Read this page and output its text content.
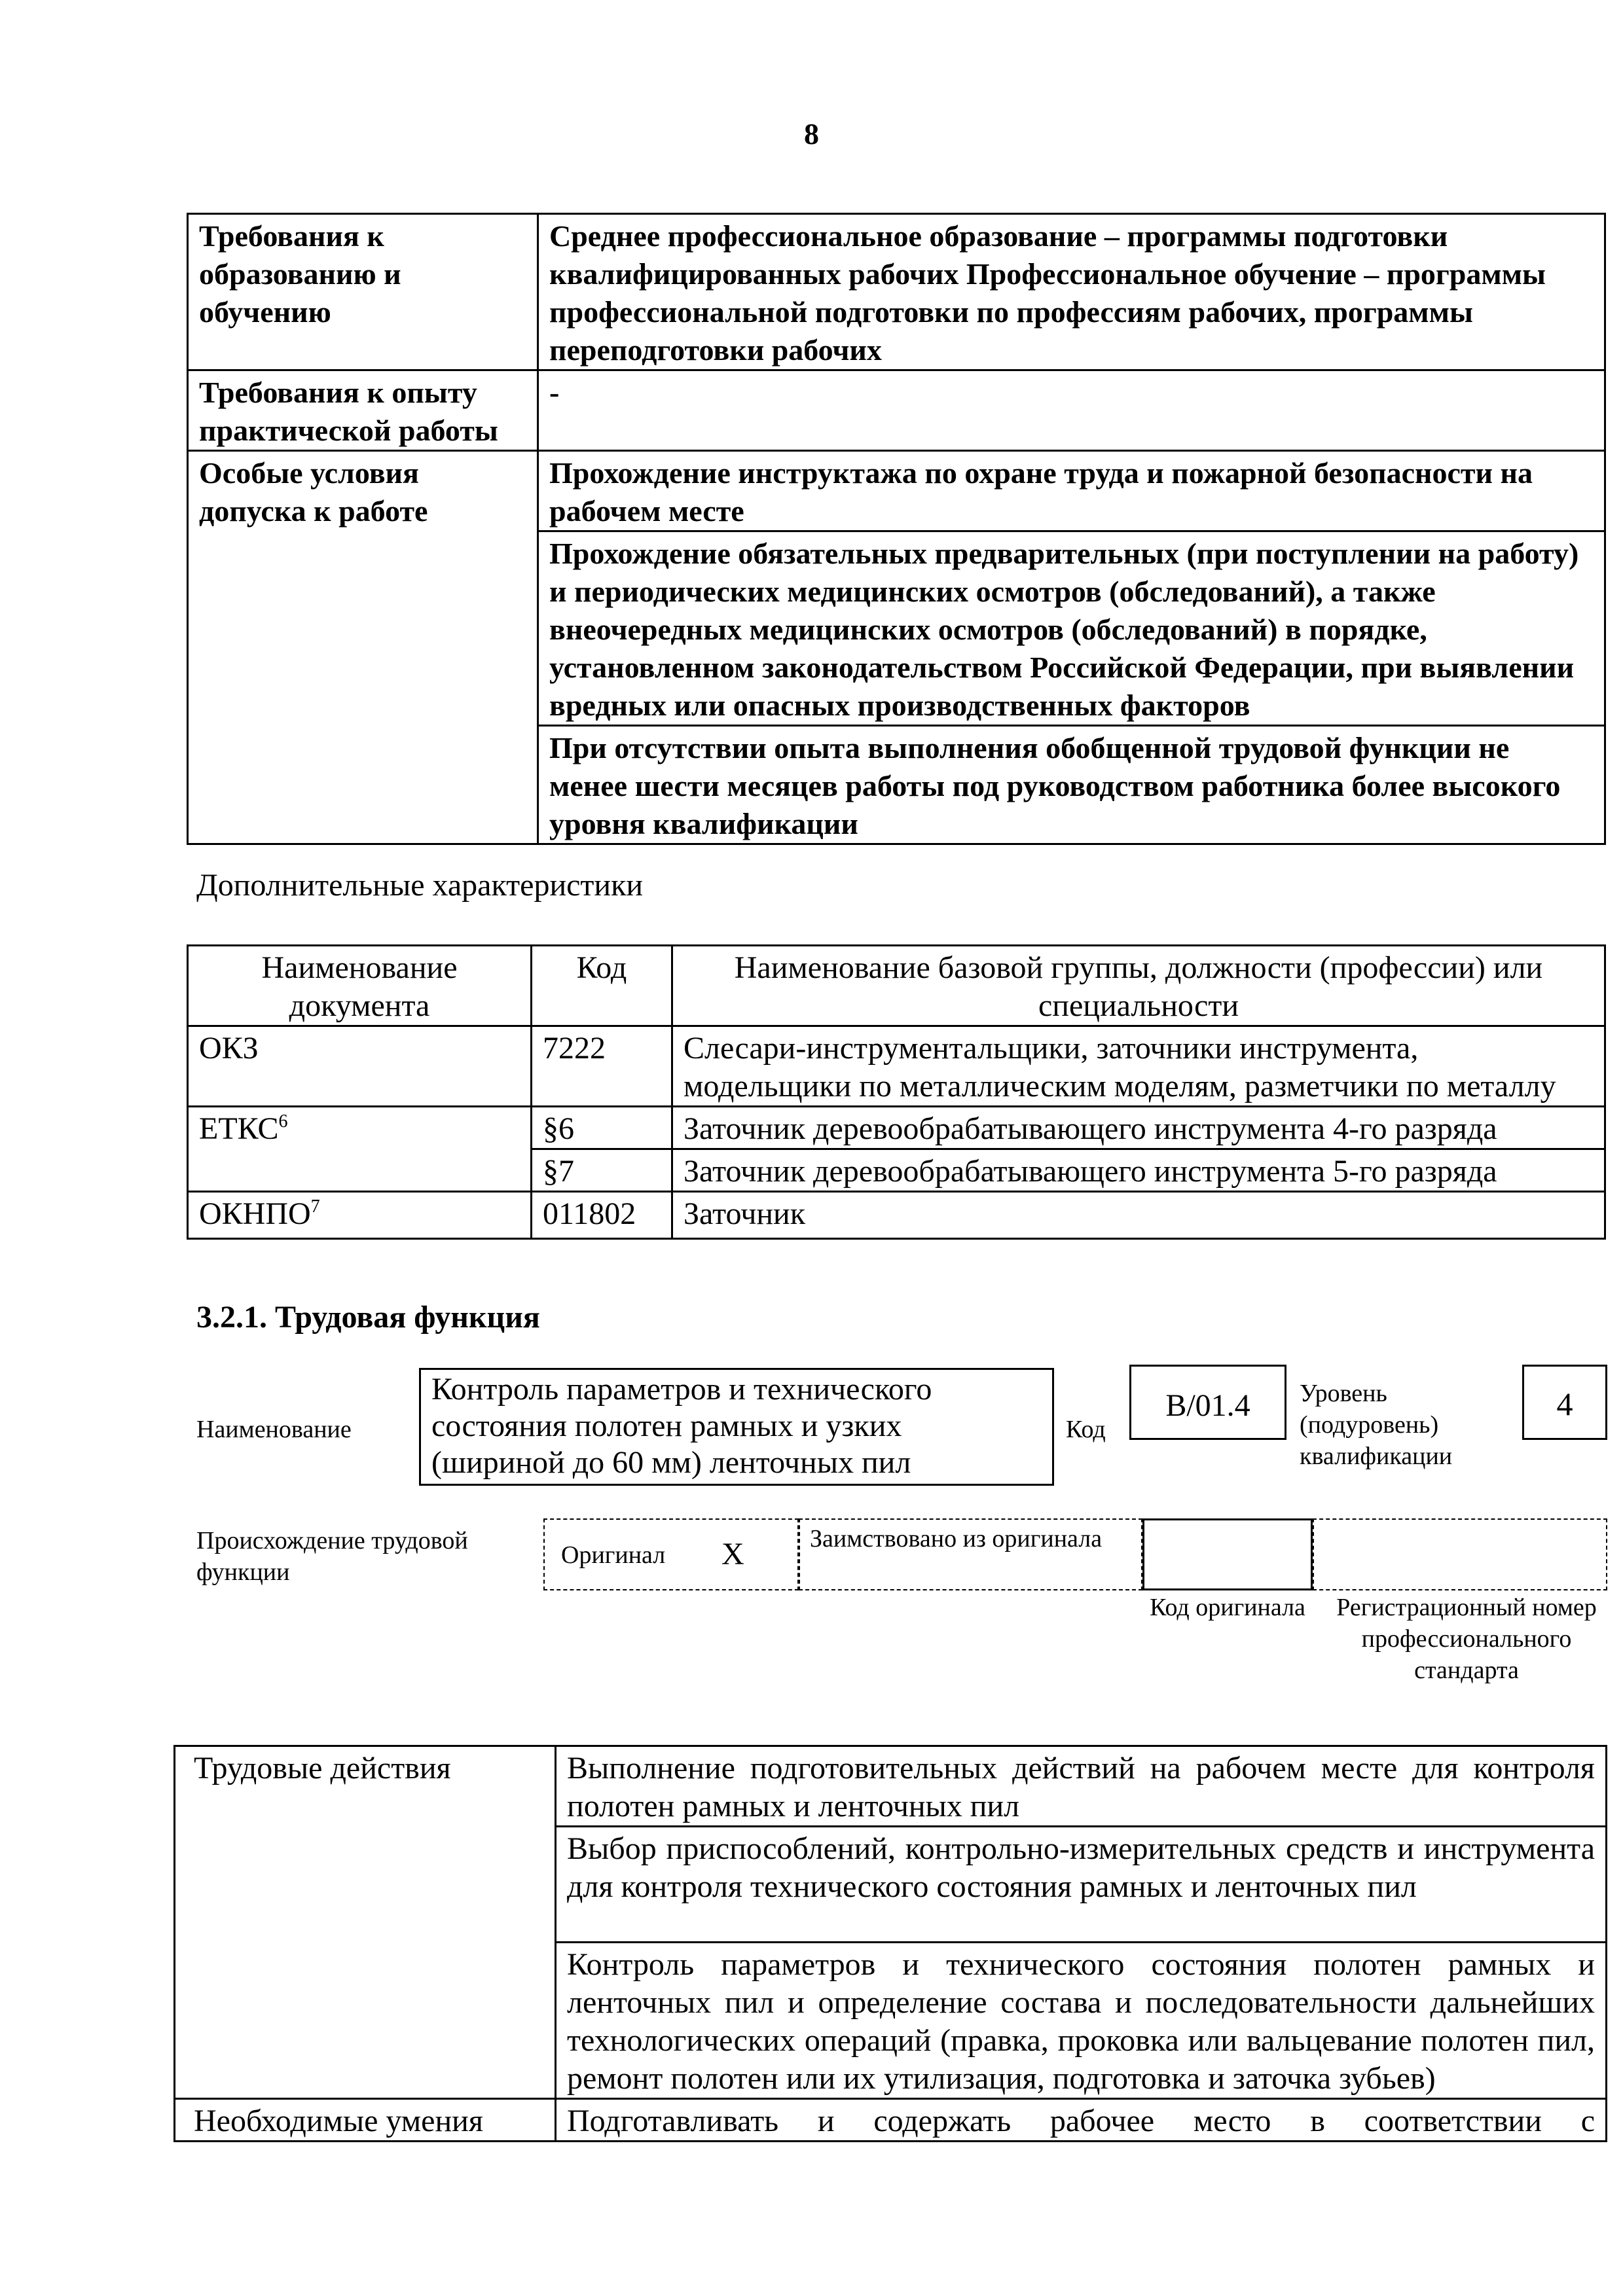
8
Требования к образованию и обучению	Среднее профессиональное образование – программы подготовки квалифицированных рабочих Профессиональное обучение – программы профессиональной подготовки по профессиям рабочих, программы переподготовки рабочих
Требования к опыту практической работы	-
Особые условия допуска к работе	Прохождение инструктажа по охране труда и пожарной безопасности на рабочем месте
	Прохождение обязательных предварительных (при поступлении на работу) и периодических медицинских осмотров (обследований), а также внеочередных медицинских осмотров (обследований) в порядке, установленном законодательством Российской Федерации, при выявлении вредных или опасных производственных факторов
	При отсутствии опыта выполнения обобщенной трудовой функции не менее шести месяцев работы под руководством работника более высокого уровня квалификации
Дополнительные характеристики
Наименование документа	Код	Наименование базовой группы, должности (профессии) или специальности
ОКЗ	7222	Слесари-инструментальщики, заточники инструмента, модельщики по металлическим моделям, разметчики по металлу
ЕТКС$^6$	§6	Заточник деревообрабатывающего инструмента 4-го разряда
	§7	Заточник деревообрабатывающего инструмента 5-го разряда
ОКНПО$^7$	011802	Заточник
3.2.1. Трудовая функция
Наименование
Контроль параметров и технического состояния полотен рамных и узких (шириной до 60 мм) ленточных пил
Код
В/01.4	Уровень (подуровень) квалификации
4
Происхождение трудовой функции
Оригинал X	Заимствовано из оригинала
Код оригинала Регистрационный номер профессионального стандарта
Трудовые действия	Выполнение подготовительных действий на рабочем месте для контроля полотен рамных и ленточных пил
	Выбор приспособлений, контрольно-измерительных средств и инструмента для контроля технического состояния рамных и ленточных пил
	Контроль параметров и технического состояния полотен рамных и ленточных пил и определение состава и последовательности дальнейших технологических операций (правка, проковка или вальцевание полотен пил, ремонт полотен или их утилизация, подготовка и заточка зубьев)
Необходимые умения	Подготавливать и содержать рабочее место в соответствии с
